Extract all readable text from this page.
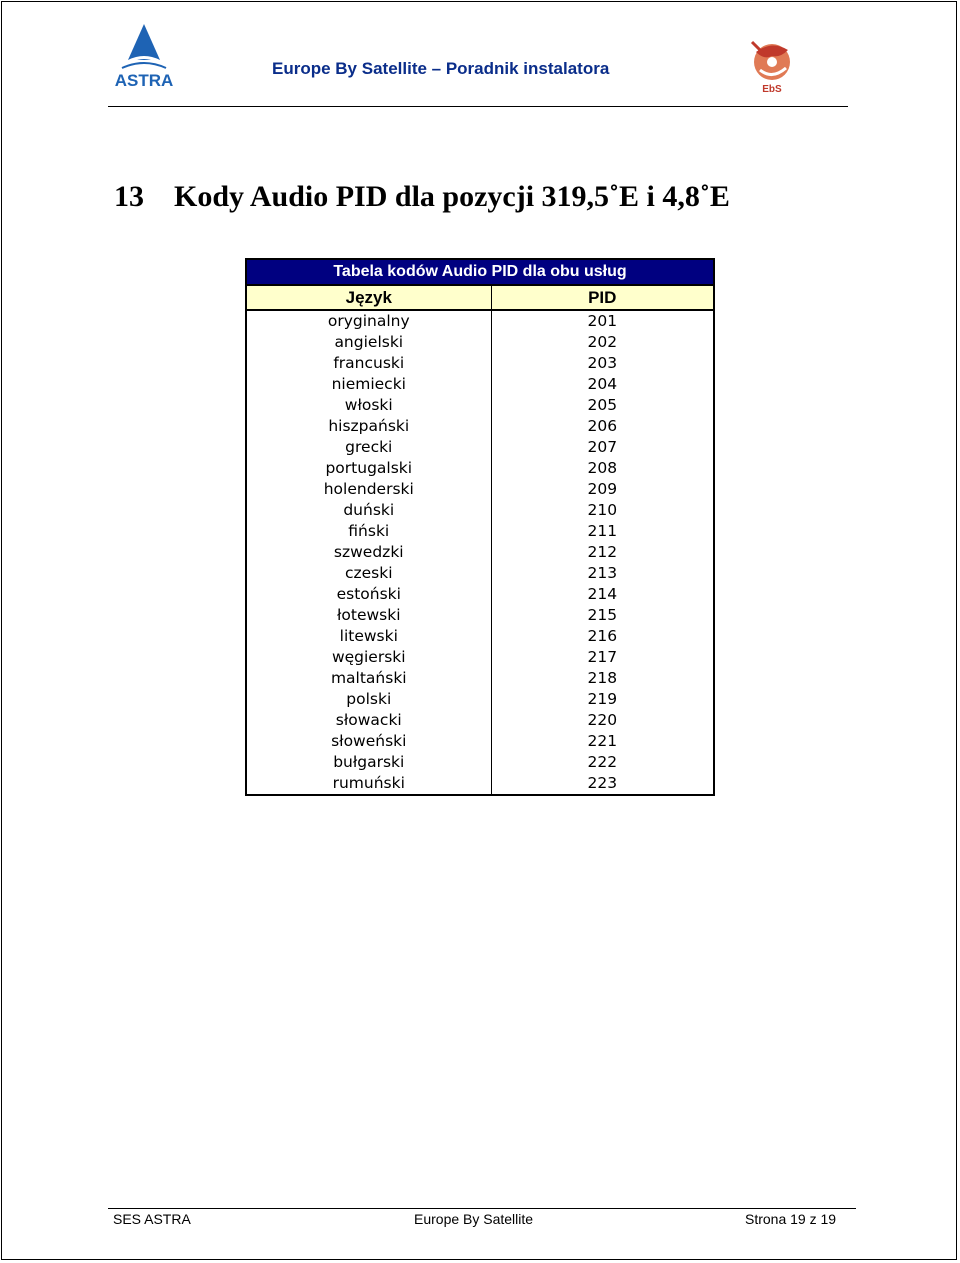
ASTRA
Europe By Satellite – Poradnik instalatora
EbS
13 Kody Audio PID dla pozycji 319,5˚E i 4,8˚E
Tabela kodów Audio PID dla obu usług	
Język	PID
oryginalny	201
angielski	202
francuski	203
niemiecki	204
włoski	205
hiszpański	206
grecki	207
portugalski	208
holenderski	209
duński	210
fiński	211
szwedzki	212
czeski	213
estoński	214
łotewski	215
litewski	216
węgierski	217
maltański	218
polski	219
słowacki	220
słoweński	221
bułgarski	222
rumuński	223
SES ASTRA	Europe By Satellite	Strona 19 z 19
